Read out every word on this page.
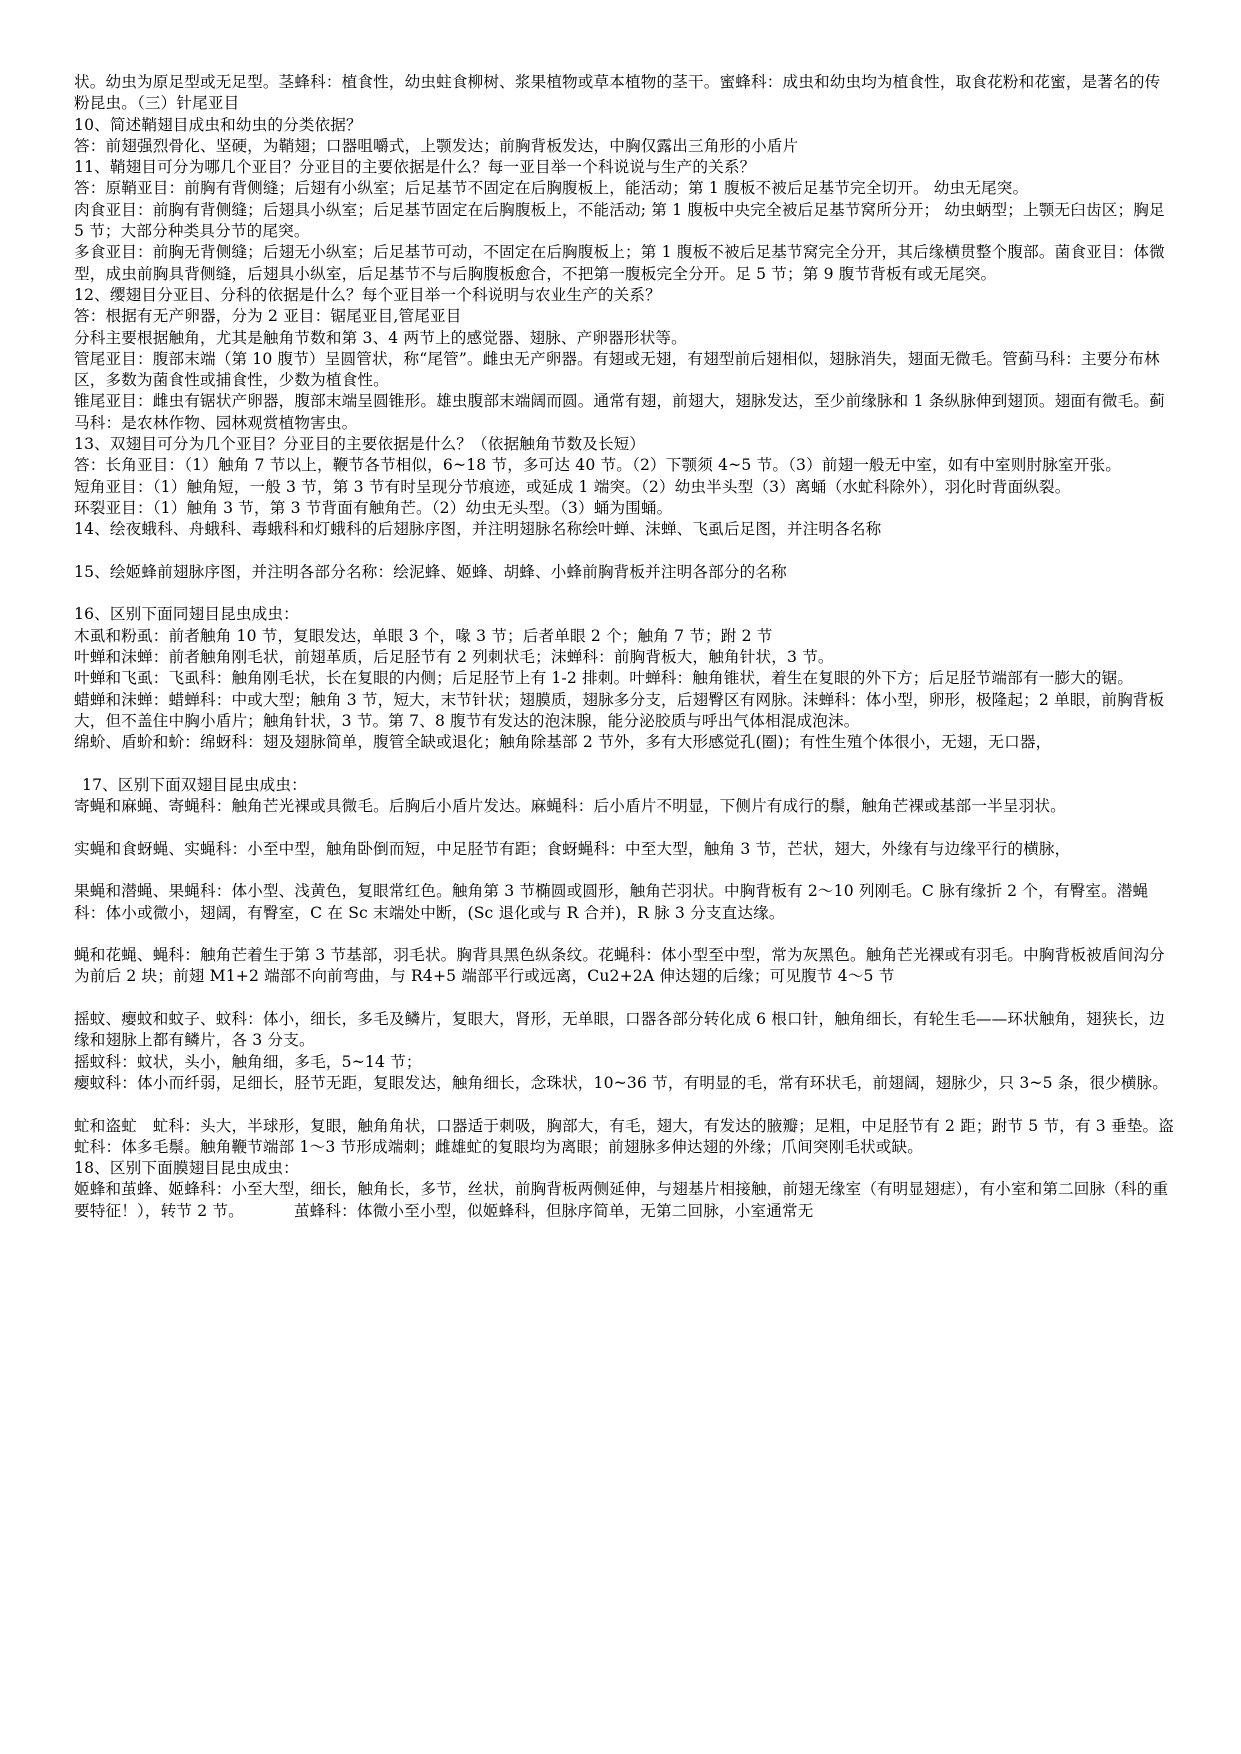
状。幼虫为原足型或无足型。茎蜂科：植食性，幼虫蛀食柳树、浆果植物或草本植物的茎干。蜜蜂科：成虫和幼虫均为植食性，取食花粉和花蜜，是著名的传粉昆虫。（三）针尾亚目

10、简述鞘翅目成虫和幼虫的分类依据？

答：前翅强烈骨化、坚硬，为鞘翅；口器咀嚼式，上颚发达；前胸背板发达，中胸仅露出三角形的小盾片

11、鞘翅目可分为哪几个亚目？分亚目的主要依据是什么？每一亚目举一个科说说与生产的关系？

答：原鞘亚目：前胸有背侧缝；后翅有小纵室；后足基节不固定在后胸腹板上，能活动；第 1 腹板不被后足基节完全切开。 幼虫无尾突。

肉食亚目：前胸有背侧缝；后翅具小纵室；后足基节固定在后胸腹板上，不能活动; 第 1 腹板中央完全被后足基节窝所分开； 幼虫蛃型；上颚无臼齿区；胸足 5 节；大部分种类具分节的尾突。

多食亚目：前胸无背侧缝；后翅无小纵室；后足基节可动，不固定在后胸腹板上；第 1 腹板不被后足基节窝完全分开，其后缘横贯整个腹部。菌食亚目：体微型，成虫前胸具背侧缝，后翅具小纵室，后足基节不与后胸腹板愈合，不把第一腹板完全分开。足 5 节；第 9 腹节背板有或无尾突。

12、缨翅目分亚目、分科的依据是什么？每个亚目举一个科说明与农业生产的关系？

答：根据有无产卵器，分为 2 亚目：锯尾亚目,管尾亚目

分科主要根据触角，尤其是触角节数和第 3、4 两节上的感觉器、翅脉、产卵器形状等。

管尾亚目：腹部末端（第 10 腹节）呈圆管状，称“尾管”。雌虫无产卵器。有翅或无翅，有翅型前后翅相似，翅脉消失，翅面无微毛。管蓟马科：主要分布林区，多数为菌食性或捕食性，少数为植食性。

锥尾亚目：雌虫有锯状产卵器，腹部末端呈圆锥形。雄虫腹部末端阔而圆。通常有翅，前翅大，翅脉发达，至少前缘脉和 1 条纵脉伸到翅顶。翅面有微毛。蓟马科：是农林作物、园林观赏植物害虫。

13、双翅目可分为几个亚目？分亚目的主要依据是什么？（依据触角节数及长短）

答：长角亚目：（1）触角 7 节以上，鞭节各节相似，6~18 节，多可达 40 节。（2）下颚须 4~5 节。（3）前翅一般无中室，如有中室则肘脉室开张。

短角亚目：（1）触角短，一般 3 节，第 3 节有时呈现分节痕迹，或延成 1 端突。（2）幼虫半头型（3）离蛹（水虻科除外），羽化时背面纵裂。

环裂亚目：（1）触角 3 节，第 3 节背面有触角芒。（2）幼虫无头型。（3）蛹为围蛹。

14、绘夜蛾科、舟蛾科、毒蛾科和灯蛾科的后翅脉序图，并注明翅脉名称绘叶蝉、沫蝉、飞虱后足图，并注明各名称

15、绘姬蜂前翅脉序图，并注明各部分名称：绘泥蜂、姬蜂、胡蜂、小蜂前胸背板并注明各部分的名称

16、区别下面同翅目昆虫成虫：

木虱和粉虱：前者触角 10 节，复眼发达，单眼 3 个，喙 3 节；后者单眼 2 个；触角 7 节；跗 2 节

叶蝉和沫蝉：前者触角刚毛状，前翅革质，后足胫节有 2 列刺状毛；沫蝉科：前胸背板大，触角针状，3 节。

叶蝉和飞虱：飞虱科：触角刚毛状，长在复眼的内侧；后足胫节上有 1-2 排刺。叶蝉科：触角锥状，着生在复眼的外下方；后足胫节端部有一膨大的锯。

蜡蝉和沫蝉：蜡蝉科：中或大型；触角 3 节，短大，末节针状；翅膜质，翅脉多分支，后翅臀区有网脉。沫蝉科：体小型，卵形，极隆起；2 单眼，前胸背板大，但不盖住中胸小盾片；触角针状，3 节。第 7、8 腹节有发达的泡沫腺，能分泌胶质与呼出气体相混成泡沫。

绵蚧、盾蚧和蚧：绵蚜科：翅及翅脉简单，腹管全缺或退化；触角除基部 2 节外，多有大形感觉孔(圈)；有性生殖个体很小，无翅，无口器，

17、区别下面双翅目昆虫成虫：

寄蝇和麻蝇、寄蝇科：触角芒光裸或具微毛。后胸后小盾片发达。麻蝇科：后小盾片不明显，下侧片有成行的鬃，触角芒裸或基部一半呈羽状。

实蝇和食蚜蝇、实蝇科：小至中型，触角卧倒而短，中足胫节有距；食蚜蝇科：中至大型，触角 3 节，芒状，翅大，外缘有与边缘平行的横脉，

果蝇和潜蝇、果蝇科：体小型、浅黄色，复眼常红色。触角第 3 节椭圆或圆形，触角芒羽状。中胸背板有 2～10 列刚毛。C 脉有缘折 2 个，有臀室。潜蝇科：体小或微小，翅阔，有臀室，C 在 Sc 末端处中断，(Sc 退化或与 R 合并)，R 脉 3 分支直达缘。

蝇和花蝇、蝇科：触角芒着生于第 3 节基部，羽毛状。胸背具黑色纵条纹。花蝇科：体小型至中型，常为灰黑色。触角芒光裸或有羽毛。中胸背板被盾间沟分为前后 2 块；前翅 M1+2 端部不向前弯曲，与 R4+5 端部平行或远离，Cu2+2A 伸达翅的后缘；可见腹节 4～5 节

摇蚊、瘿蚊和蚊子、蚊科：体小，细长，多毛及鳞片，复眼大，肾形，无单眼，口器各部分转化成 6 根口针，触角细长，有轮生毛——环状触角，翅狭长，边缘和翅脉上都有鳞片，各 3 分支。

摇蚊科：蚊状，头小，触角细，多毛，5~14 节；

瘿蚊科：体小而纤弱，足细长，胫节无距，复眼发达，触角细长，念珠状，10~36 节，有明显的毛，常有环状毛，前翅阔，翅脉少，只 3~5 条，很少横脉。

虻和盗虻　虻科：头大，半球形，复眼，触角角状，口器适于刺吸，胸部大，有毛，翅大，有发达的腋瓣；足粗，中足胫节有 2 距；跗节 5 节，有 3 垂垫。盗虻科：体多毛鬃。触角鞭节端部 1～3 节形成端刺；雌雄虻的复眼均为离眼；前翅脉多伸达翅的外缘；爪间突刚毛状或缺。

18、区别下面膜翅目昆虫成虫：

姬蜂和茧蜂、姬蜂科：小至大型，细长，触角长，多节，丝状，前胸背板两侧延伸，与翅基片相接触，前翅无缘室（有明显翅痣），有小室和第二回脉（科的重要特征！），转节 2 节。	茧蜂科：体微小至小型，似姬蜂科，但脉序简单，无第二回脉，小室通常无
